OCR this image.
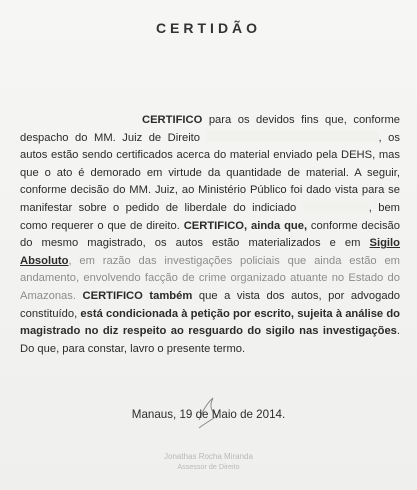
CERTIDÃO
CERTIFICO para os devidos fins que, conforme despacho do MM. Juiz de Direito	, os autos estão sendo certificados acerca do material enviado pela DEHS, mas que o ato é demorado em virtude da quantidade de material. A seguir, conforme decisão do MM. Juiz, ao Ministério Público foi dado vista para se manifestar sobre o pedido de liberdale do indiciado	, bem como requerer o que de direito. CERTIFICO, ainda que, conforme decisão do mesmo magistrado, os autos estão materializados e em Sigilo Absoluto, em razão das investigações policiais que ainda estão em andamento, envolvendo facção de crime organizado atuante no Estado do Amazonas. CERTIFICO também que a vista dos autos, por advogado constituído, está condicionada à petição por escrito, sujeita à análise do magistrado no diz respeito ao resguardo do sigilo nas investigações. Do que, para constar, lavro o presente termo.
Manaus, 19 de Maio de 2014.
Jonathas Rocha Miranda
Assessor de Direito
